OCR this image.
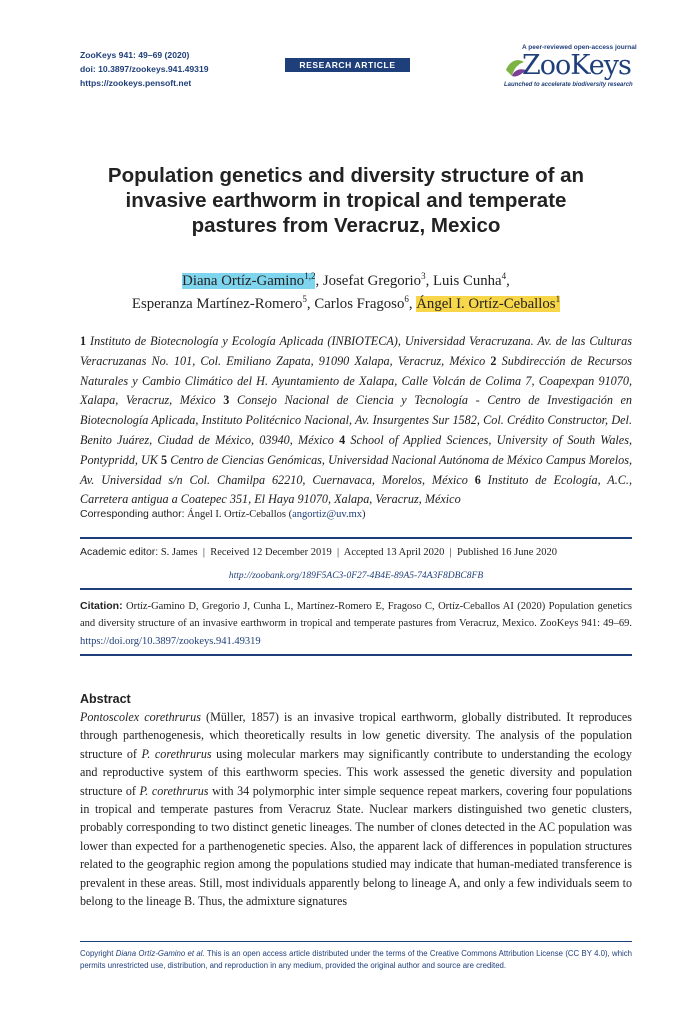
ZooKeys 941: 49–69 (2020)
doi: 10.3897/zookeys.941.49319
https://zookeys.pensoft.net
RESEARCH ARTICLE
A peer-reviewed open-access journal
ZooKeys
Launched to accelerate biodiversity research
Population genetics and diversity structure of an
invasive earthworm in tropical and temperate
pastures from Veracruz, Mexico
Diana Ortíz-Gamino$^{1,2}$, Josefat Gregorio$^3$, Luis Cunha$^4$,
Esperanza Martínez-Romero$^5$, Carlos Fragoso$^6$, Ángel I. Ortíz-Ceballos$^1$
1 Instituto de Biotecnología y Ecología Aplicada (INBIOTECA), Universidad Veracruzana. Av. de las Culturas Veracruzanas No. 101, Col. Emiliano Zapata, 91090 Xalapa, Veracruz, México 2 Subdirección de Recursos Naturales y Cambio Climático del H. Ayuntamiento de Xalapa, Calle Volcán de Colima 7, Coapexpan 91070, Xalapa, Veracruz, México 3 Consejo Nacional de Ciencia y Tecnología - Centro de Investigación en Biotecnología Aplicada, Instituto Politécnico Nacional, Av. Insurgentes Sur 1582, Col. Crédito Constructor, Del. Benito Juárez, Ciudad de México, 03940, México 4 School of Applied Sciences, University of South Wales, Pontypridd, UK 5 Centro de Ciencias Genómicas, Universidad Nacional Autónoma de México Campus Morelos, Av. Universidad s/n Col. Chamilpa 62210, Cuernavaca, Morelos, México 6 Instituto de Ecología, A.C., Carretera antigua a Coatepec 351, El Haya 91070, Xalapa, Veracruz, México
Corresponding author: Ángel I. Ortíz-Ceballos (angortiz@uv.mx)
Academic editor: S. James  |  Received 12 December 2019  |  Accepted 13 April 2020  |  Published 16 June 2020
http://zoobank.org/189F5AC3-0F27-4B4E-89A5-74A3F8DBC8FB
Citation: Ortíz-Gamino D, Gregorio J, Cunha L, Martínez-Romero E, Fragoso C, Ortíz-Ceballos AI (2020) Population genetics and diversity structure of an invasive earthworm in tropical and temperate pastures from Veracruz, Mexico. ZooKeys 941: 49–69. https://doi.org/10.3897/zookeys.941.49319
Abstract
Pontoscolex corethrurus (Müller, 1857) is an invasive tropical earthworm, globally distributed. It reproduces through parthenogenesis, which theoretically results in low genetic diversity. The analysis of the population structure of P. corethrurus using molecular markers may significantly contribute to understanding the ecology and reproductive system of this earthworm species. This work assessed the genetic diversity and population structure of P. corethrurus with 34 polymorphic inter simple sequence repeat markers, covering four populations in tropical and temperate pastures from Veracruz State. Nuclear markers distinguished two genetic clusters, probably corresponding to two distinct genetic lineages. The number of clones detected in the AC population was lower than expected for a parthenogenetic species. Also, the apparent lack of differences in population structures related to the geographic region among the populations studied may indicate that human-mediated transference is prevalent in these areas. Still, most individuals apparently belong to lineage A, and only a few individuals seem to belong to the lineage B. Thus, the admixture signatures
Copyright Diana Ortíz-Gamino et al. This is an open access article distributed under the terms of the Creative Commons Attribution License (CC BY 4.0), which permits unrestricted use, distribution, and reproduction in any medium, provided the original author and source are credited.
